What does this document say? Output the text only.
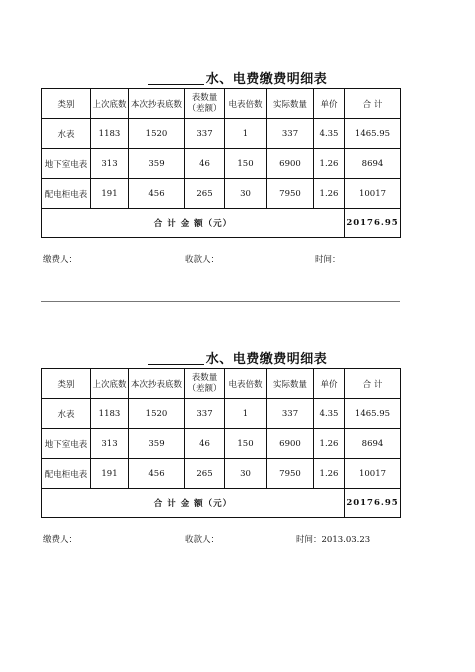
水、电费缴费明细表
类别	上次底数	本次抄表底数	表数量（差额）	电表倍数	实际数量	单价	合 计
水表	1183	1520	337	1	337	4.35	1465.95
地下室电表	313	359	46	150	6900	1.26	8694
配电柜电表	191	456	265	30	7950	1.26	10017
合 计 金 额（元）							20176.95
缴费人：	收款人：	时间：
水、电费缴费明细表
类别	上次底数	本次抄表底数	表数量（差额）	电表倍数	实际数量	单价	合 计
水表	1183	1520	337	1	337	4.35	1465.95
地下室电表	313	359	46	150	6900	1.26	8694
配电柜电表	191	456	265	30	7950	1.26	10017
合 计 金 额（元）							20176.95
缴费人：	收款人：	时间：2013.03.23
